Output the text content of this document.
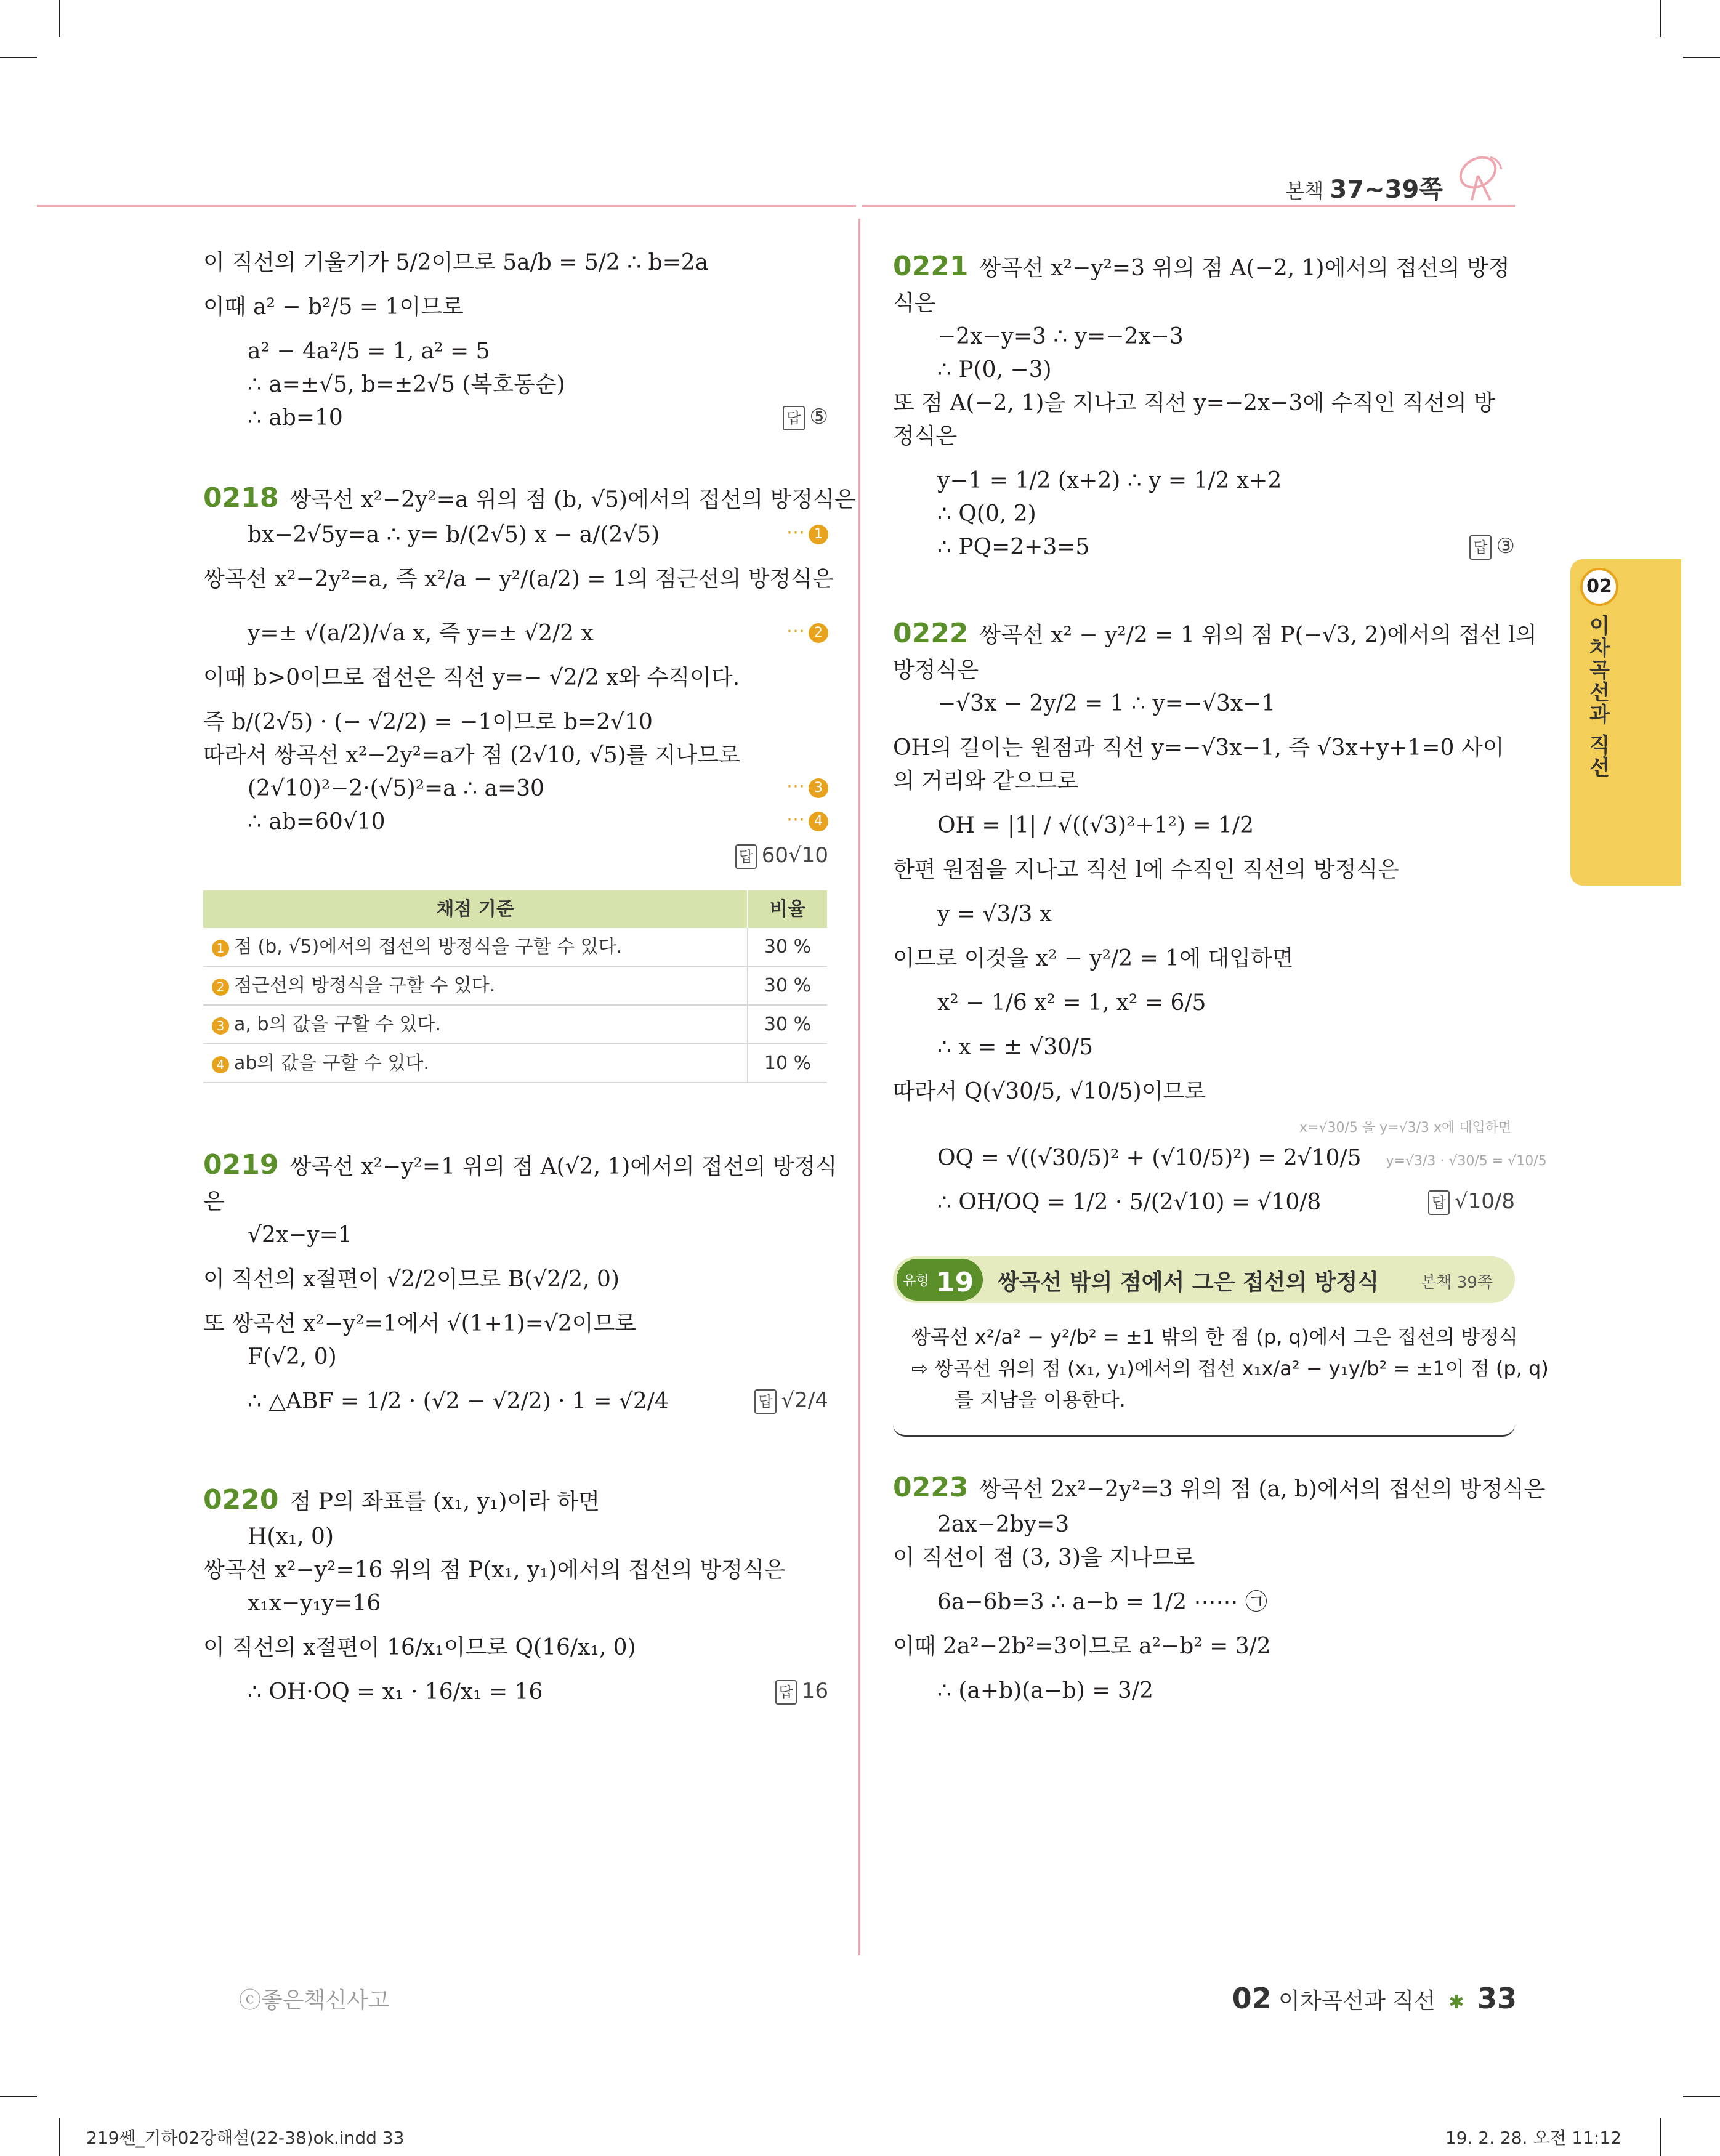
본책 37~39쪽
02
이차곡선과 직선

이 직선의 기울기가 5/2이므로 5a/b = 5/2 ∴ b=2a

이때 a² − b²/5 = 1이므로

a² − 4a²/5 = 1, a² = 5

∴ a=±√5, b=±2√5 (복호동순)

∴ ab=10	답 ⑤

0218 쌍곡선 x²−2y²=a 위의 점 (b, √5)에서의 접선의 방정식은

bx−2√5y=a ∴ y= b/(2√5) x − a/(2√5)	⋯ 1

쌍곡선 x²−2y²=a, 즉 x²/a − y²/(a/2) = 1의 점근선의 방정식은

y=± √(a/2)/√a x, 즉 y=± √2/2 x	⋯ 2

이때 b>0이므로 접선은 직선 y=− √2/2 x와 수직이다.

즉 b/(2√5) · (− √2/2) = −1이므로 b=2√10

따라서 쌍곡선 x²−2y²=a가 점 (2√10, √5)를 지나므로

(2√10)²−2·(√5)²=a ∴ a=30	⋯ 3

∴ ab=60√10	⋯ 4

답 60√10

채점 기준	비율
1 점 (b, √5)에서의 접선의 방정식을 구할 수 있다.	30 %
2 점근선의 방정식을 구할 수 있다.	30 %
3 a, b의 값을 구할 수 있다.	30 %
4 ab의 값을 구할 수 있다.	10 %

0219 쌍곡선 x²−y²=1 위의 점 A(√2, 1)에서의 접선의 방정식

은

√2x−y=1

이 직선의 x절편이 √2/2이므로 B(√2/2, 0)

또 쌍곡선 x²−y²=1에서 √(1+1)=√2이므로

F(√2, 0)

∴ △ABF = 1/2 · (√2 − √2/2) · 1 = √2/4	답 √2/4

0220 점 P의 좌표를 (x₁, y₁)이라 하면

H(x₁, 0)

쌍곡선 x²−y²=16 위의 점 P(x₁, y₁)에서의 접선의 방정식은

x₁x−y₁y=16

이 직선의 x절편이 16/x₁이므로 Q(16/x₁, 0)

∴ OH·OQ = x₁ · 16/x₁ = 16	답 16

0221 쌍곡선 x²−y²=3 위의 점 A(−2, 1)에서의 접선의 방정

식은

−2x−y=3 ∴ y=−2x−3

∴ P(0, −3)

또 점 A(−2, 1)을 지나고 직선 y=−2x−3에 수직인 직선의 방

정식은

y−1 = 1/2 (x+2) ∴ y = 1/2 x+2

∴ Q(0, 2)

∴ PQ=2+3=5	답 ③

0222 쌍곡선 x² − y²/2 = 1 위의 점 P(−√3, 2)에서의 접선 l의

방정식은

−√3x − 2y/2 = 1 ∴ y=−√3x−1

OH의 길이는 원점과 직선 y=−√3x−1, 즉 √3x+y+1=0 사이

의 거리와 같으므로

OH = |1| / √((√3)²+1²) = 1/2

한편 원점을 지나고 직선 l에 수직인 직선의 방정식은

y = √3/3 x

이므로 이것을 x² − y²/2 = 1에 대입하면

x² − 1/6 x² = 1, x² = 6/5

∴ x = ± √30/5

따라서 Q(√30/5, √10/5)이므로

x=√30/5 을 y=√3/3 x에 대입하면

OQ = √((√30/5)² + (√10/5)²) = 2√10/5 y=√3/3 · √30/5 = √10/5

∴ OH/OQ = 1/2 · 5/(2√10) = √10/8	답 √10/8

유형 19 쌍곡선 밖의 점에서 그은 접선의 방정식	본책 39쪽

쌍곡선 x²/a² − y²/b² = ±1 밖의 한 점 (p, q)에서 그은 접선의 방정식

⇨ 쌍곡선 위의 점 (x₁, y₁)에서의 접선 x₁x/a² − y₁y/b² = ±1이 점 (p, q)

를 지남을 이용한다.

0223 쌍곡선 2x²−2y²=3 위의 점 (a, b)에서의 접선의 방정식은

2ax−2by=3

이 직선이 점 (3, 3)을 지나므로

6a−6b=3 ∴ a−b = 1/2 ⋯⋯ ㉠

이때 2a²−2b²=3이므로 a²−b² = 3/2

∴ (a+b)(a−b) = 3/2

ⓒ좋은책신사고	02 이차곡선과 직선 ✱ 33
219쎈_기하02강해설(22-38)ok.indd 33	19. 2. 28. 오전 11:12
